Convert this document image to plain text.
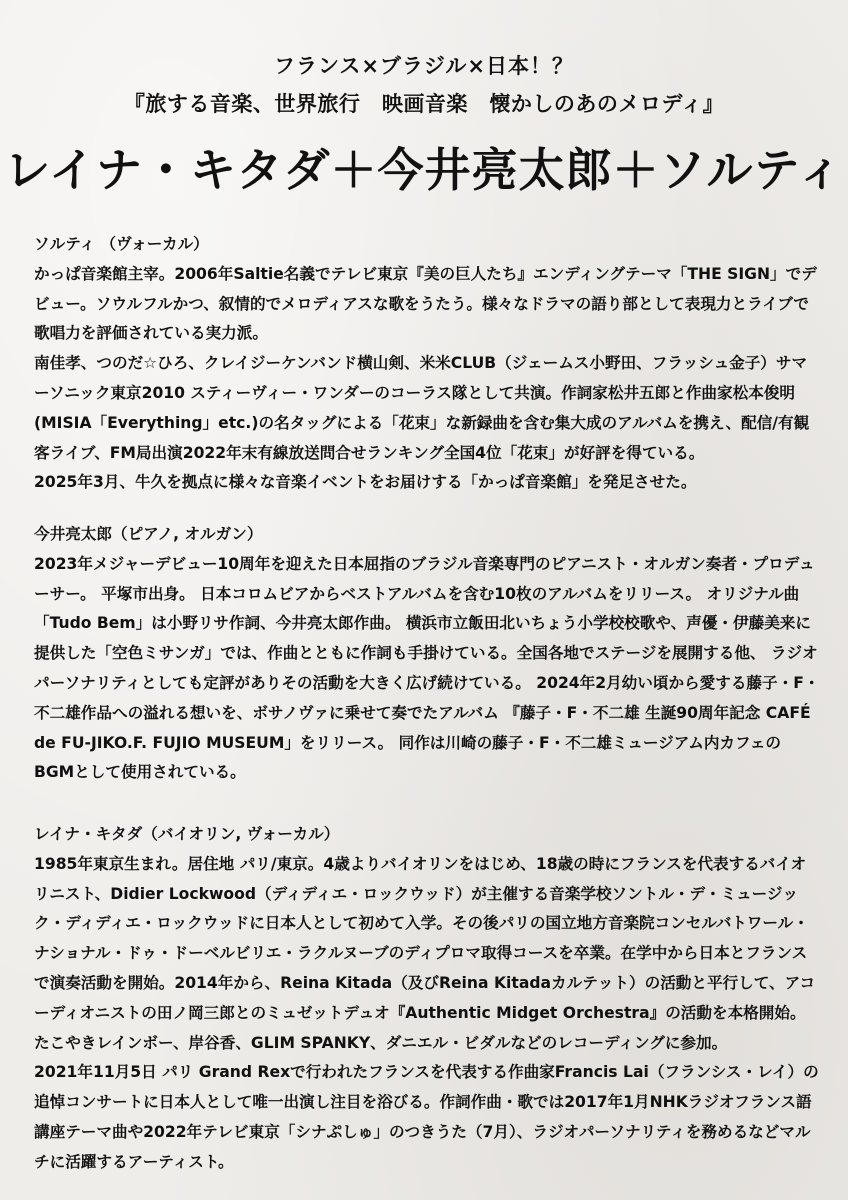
フランス×ブラジル×日本！？
『旅する音楽、世界旅行　映画音楽　懐かしのあのメロディ』
レイナ・キタダ＋今井亮太郎＋ソルティ
ソルティ （ヴォーカル）

かっぱ音楽館主宰。2006年Saltie名義でテレビ東京『美の巨人たち』エンディングテーマ「THE SIGN」でデビュー。ソウルフルかつ、叙情的でメロディアスな歌をうたう。様々なドラマの語り部として表現力とライブで歌唱力を評価されている実力派。

南佳孝、つのだ☆ひろ、クレイジーケンバンド横山剣、米米CLUB（ジェームス小野田、フラッシュ金子）サマーソニック東京2010 スティーヴィー・ワンダーのコーラス隊として共演。作詞家松井五郎と作曲家松本俊明(MISIA「Everything」etc.)の名タッグによる「花束」な新録曲を含む集大成のアルバムを携え、配信/有観客ライブ、FM局出演2022年末有線放送問合せランキング全国4位「花束」が好評を得ている。

2025年3月、牛久を拠点に様々な音楽イベントをお届けする「かっぱ音楽館」を発足させた。

今井亮太郎（ピアノ, オルガン）

2023年メジャーデビュー10周年を迎えた日本屈指のブラジル音楽専門のピアニスト・オルガン奏者・プロデューサー。 平塚市出身。 日本コロムビアからベストアルバムを含む10枚のアルバムをリリース。 オリジナル曲「Tudo Bem」は小野リサ作詞、今井亮太郎作曲。 横浜市立飯田北いちょう小学校校歌や、声優・伊藤美来に提供した「空色ミサンガ」では、作曲とともに作詞も手掛けている。全国各地でステージを展開する他、 ラジオパーソナリティとしても定評がありその活動を大きく広げ続けている。 2024年2月幼い頃から愛する藤子・F・不二雄作品への溢れる想いを、ボサノヴァに乗せて奏でたアルバム 『藤子・F・不二雄 生誕90周年記念 CAFÉ de FU-JIKO.F. FUJIO MUSEUM」をリリース。 同作は川崎の藤子・F・不二雄ミュージアム内カフェのBGMとして使用されている。

レイナ・キタダ（バイオリン, ヴォーカル）

1985年東京生まれ。居住地 パリ/東京。4歳よりバイオリンをはじめ、18歳の時にフランスを代表するバイオリニスト、Didier Lockwood（ディディエ・ロックウッド）が主催する音楽学校ソントル・デ・ミュージック・ディディエ・ロックウッドに日本人として初めて入学。その後パリの国立地方音楽院コンセルバトワール・ナショナル・ドゥ・ドーベルビリエ・ラクルヌーブのディプロマ取得コースを卒業。在学中から日本とフランスで演奏活動を開始。2014年から、Reina Kitada（及びReina Kitadaカルテット）の活動と平行して、アコーディオニストの田ノ岡三郎とのミュゼットデュオ『Authentic Midget Orchestra』の活動を本格開始。たこやきレインボー、岸谷香、GLIM SPANKY、ダニエル・ビダルなどのレコーディングに参加。

2021年11月5日 パリ Grand Rexで行われたフランスを代表する作曲家Francis Lai（フランシス・レイ）の追悼コンサートに日本人として唯一出演し注目を浴びる。作詞作曲・歌では2017年1月NHKラジオフランス語講座テーマ曲や2022年テレビ東京「シナぷしゅ」のつきうた（7月）、ラジオパーソナリティを務めるなどマルチに活躍するアーティスト。
